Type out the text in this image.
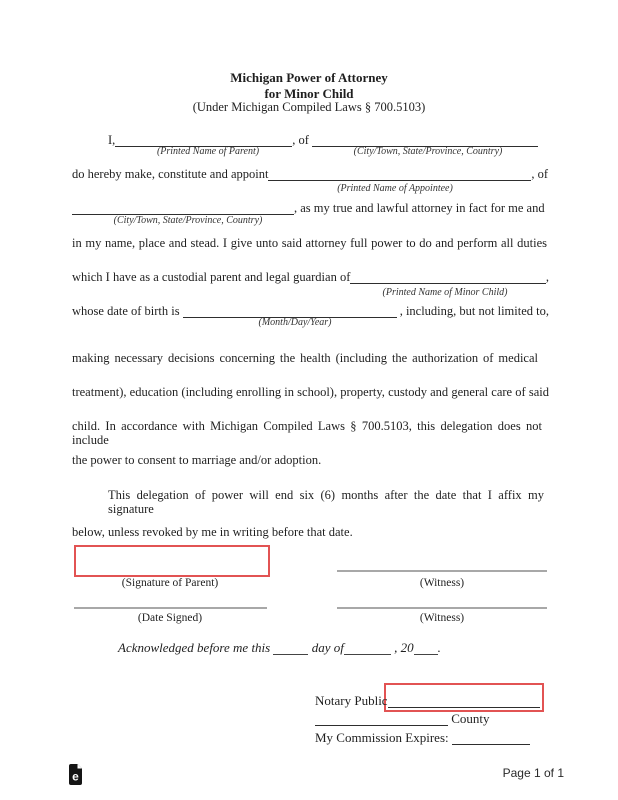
Michigan Power of Attorney
for Minor Child
(Under Michigan Compiled Laws § 700.5103)
I,	, of
(Printed Name of Parent)	(City/Town, State/Province, Country)
do hereby make, constitute and appoint	, of
(Printed Name of Appointee)
, as my true and lawful attorney in fact for me and
(City/Town, State/Province, Country)
in my name, place and stead. I give unto said attorney full power to do and perform all duties
which I have as a custodial parent and legal guardian of	,
(Printed Name of Minor Child)
whose date of birth is	, including, but not limited to,
(Month/Day/Year)
making necessary decisions concerning the health (including the authorization of medical
treatment), education (including enrolling in school), property, custody and general care of said
child. In accordance with Michigan Compiled Laws § 700.5103, this delegation does not include
the power to consent to marriage and/or adoption.
This delegation of power will end six (6) months after the date that I affix my signature
below, unless revoked by me in writing before that date.
(Signature of Parent)	(Witness)
(Date Signed)	(Witness)
Acknowledged before me this	day of	, 20 .
Notary Public
County
My Commission Expires:
e	Page 1 of 1
